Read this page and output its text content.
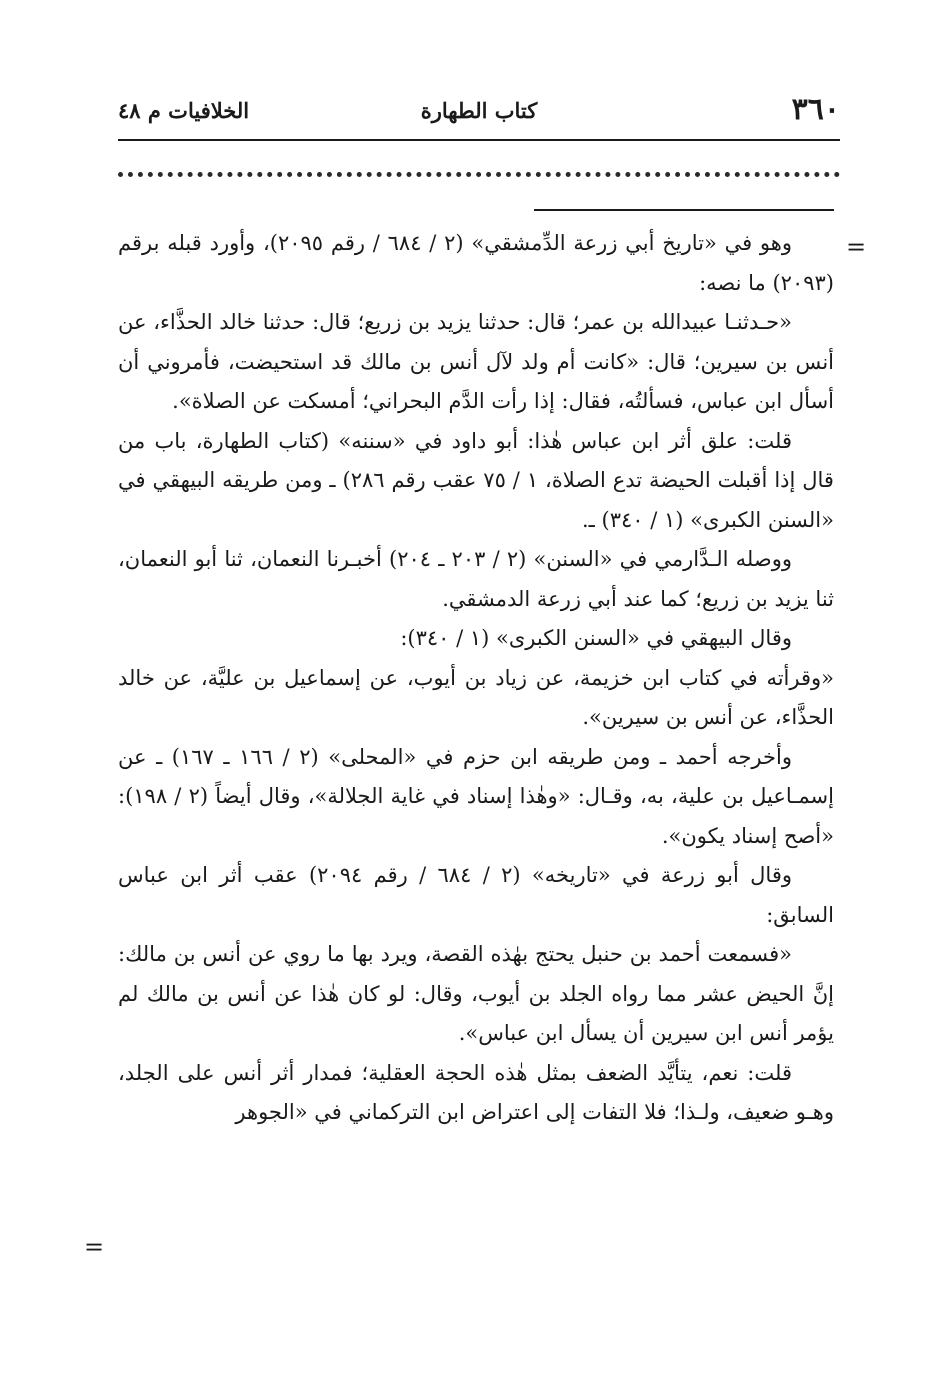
٣٦٠
كتاب الطهارة
الخلافيات م ٤٨
=

وهو في «تاريخ أبي زرعة الدِّمشقي» (٢ / ٦٨٤ / رقم ٢٠٩٥)، وأورد قبله برقم (٢٠٩٣) ما نصه:

«حـدثنـا عبيدالله بن عمر؛ قال: حدثنا يزيد بن زريع؛ قال: حدثنا خالد الحذَّاء، عن أنس بن سيرين؛ قال: «كانت أم ولد لآل أنس بن مالك قد استحيضت، فأمروني أن أسأل ابن عباس، فسألتُه، فقال: إذا رأت الدَّم البحراني؛ أمسكت عن الصلاة».

قلت: علق أثر ابن عباس هٰذا: أبو داود في «سننه» (كتاب الطهارة، باب من قال إذا أقبلت الحيضة تدع الصلاة، ١ / ٧٥ عقب رقم ٢٨٦) ـ ومن طريقه البيهقي في «السنن الكبرى» (١ / ٣٤٠) ـ.

ووصله الـدَّارمي في «السنن» (٢ / ٢٠٣ ـ ٢٠٤) أخبـرنا النعمان، ثنا أبو النعمان، ثنا يزيد بن زريع؛ كما عند أبي زرعة الدمشقي.

وقال البيهقي في «السنن الكبرى» (١ / ٣٤٠):

«وقرأته في كتاب ابن خزيمة، عن زياد بن أيوب، عن إسماعيل بن عليَّة، عن خالد الحذَّاء، عن أنس بن سيرين».

وأخرجه أحمد ـ ومن طريقه ابن حزم في «المحلى» (٢ / ١٦٦ ـ ١٦٧) ـ عن إسمـاعيل بن علية، به، وقـال: «وهٰذا إسناد في غاية الجلالة»، وقال أيضاً (٢ / ١٩٨): «أصح إسناد يكون».

وقال أبو زرعة في «تاريخه» (٢ / ٦٨٤ / رقم ٢٠٩٤) عقب أثر ابن عباس السابق:

«فسمعت أحمد بن حنبل يحتج بهٰذه القصة، ويرد بها ما روي عن أنس بن مالك: إنَّ الحيض عشر مما رواه الجلد بن أيوب، وقال: لو كان هٰذا عن أنس بن مالك لم يؤمر أنس ابن سيرين أن يسأل ابن عباس».

قلت: نعم، يتأيَّد الضعف بمثل هٰذه الحجة العقلية؛ فمدار أثر أنس على الجلد، وهـو ضعيف، ولـذا؛ فلا التفات إلى اعتراض ابن التركماني في «الجوهر

=
